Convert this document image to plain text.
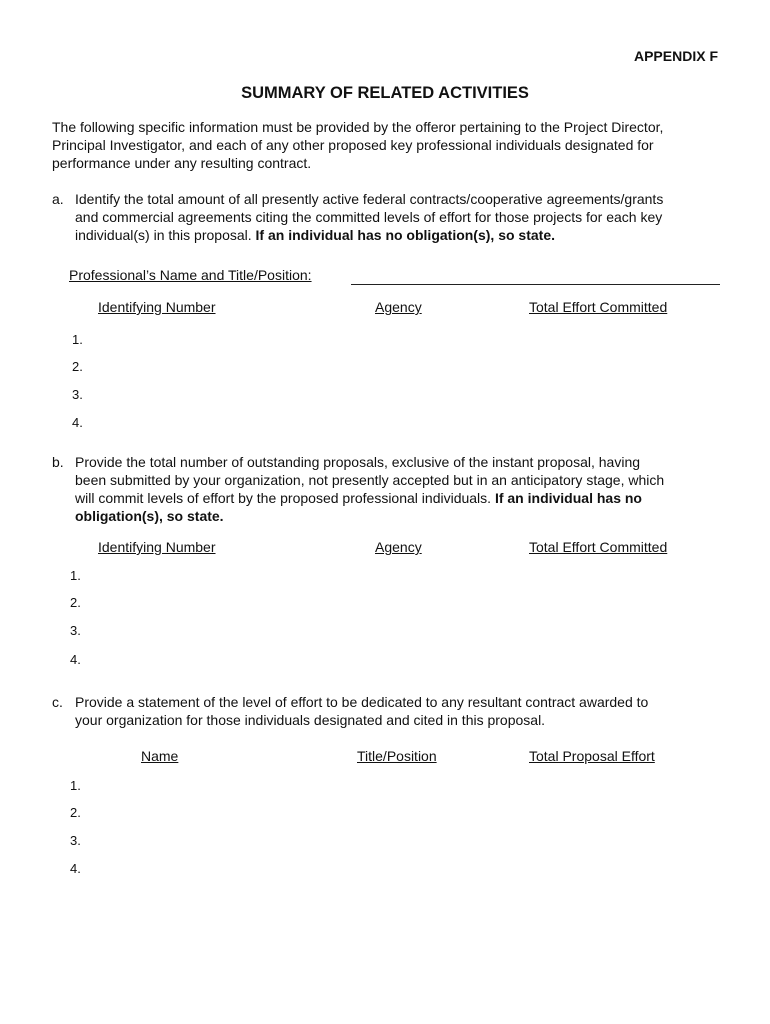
APPENDIX F
SUMMARY OF RELATED ACTIVITIES
The following specific information must be provided by the offeror pertaining to the Project Director,
Principal Investigator, and each of any other proposed key professional individuals designated for
performance under any resulting contract.
a. Identify the total amount of all presently active federal contracts/cooperative agreements/grants
and commercial agreements citing the committed levels of effort for those projects for each key
individual(s) in this proposal. If an individual has no obligation(s), so state.
Professional’s Name and Title/Position:
Identifying Number	Agency	Total Effort Committed
1.
2.
3.
4.
b. Provide the total number of outstanding proposals, exclusive of the instant proposal, having
been submitted by your organization, not presently accepted but in an anticipatory stage, which
will commit levels of effort by the proposed professional individuals. If an individual has no
obligation(s), so state.
Identifying Number	Agency	Total Effort Committed
1.
2.
3.
4.
c. Provide a statement of the level of effort to be dedicated to any resultant contract awarded to
your organization for those individuals designated and cited in this proposal.
Name	Title/Position	Total Proposal Effort
1.
2.
3.
4.
